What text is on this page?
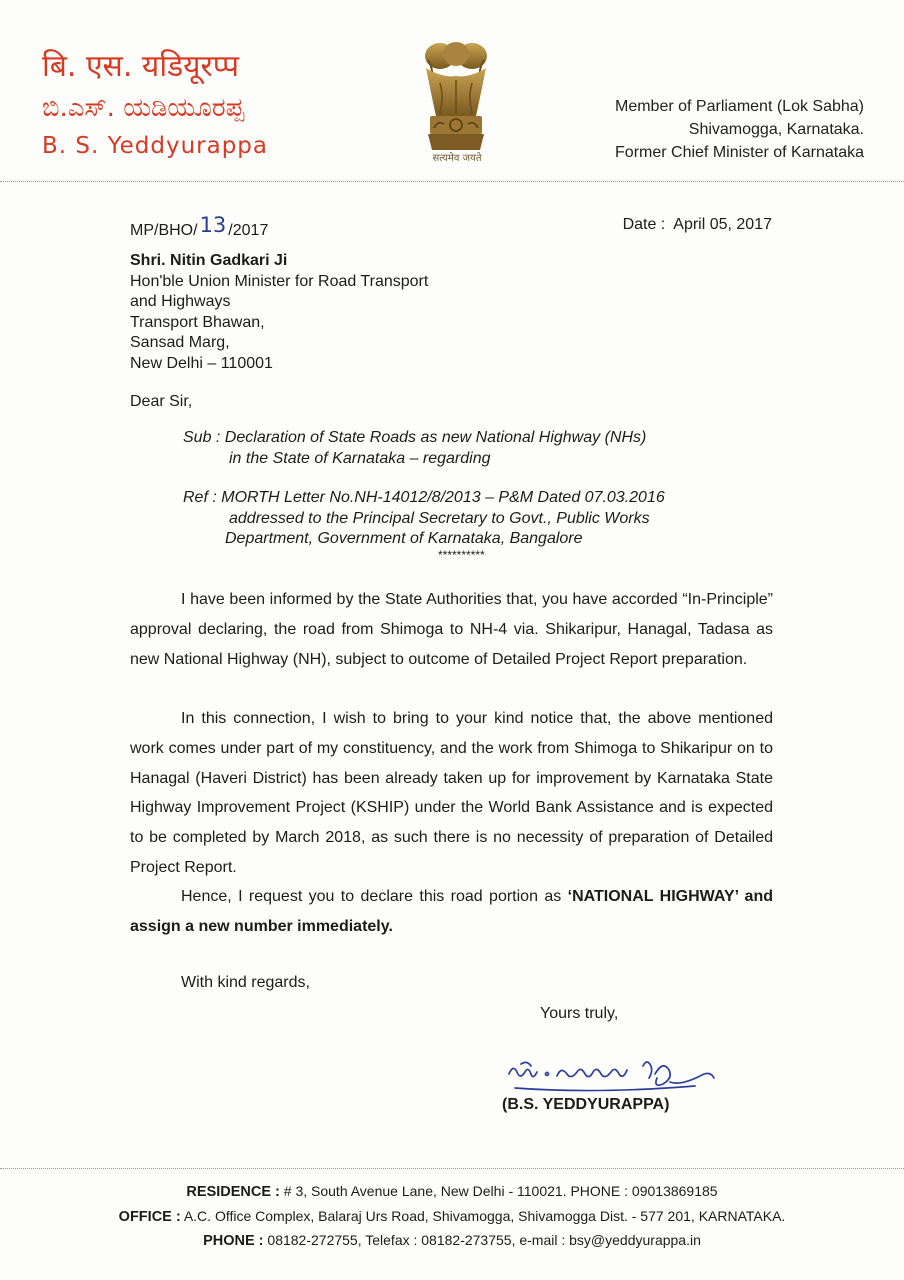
बि. एस. यडियूरप्प
ಬಿ.ಎಸ್. ಯಡಿಯೂರಪ್ಪ
B. S. Yeddyurappa	सत्यमेव जयते
Member of Parliament (Lok Sabha)
Shivamogga, Karnataka.
Former Chief Minister of Karnataka
MP/BHO/13 /2017	Date : April 05, 2017
Shri. Nitin Gadkari Ji
Hon'ble Union Minister for Road Transport
and Highways
Transport Bhawan,
Sansad Marg,
New Delhi – 110001
Dear Sir,
Sub : Declaration of State Roads as new National Highway (NHs)
in the State of Karnataka – regarding
Ref : MORTH Letter No.NH-14012/8/2013 – P&M Dated 07.03.2016
addressed to the Principal Secretary to Govt., Public Works
Department, Government of Karnataka, Bangalore
**********

I have been informed by the State Authorities that, you have accorded “In-Principle” approval declaring, the road from Shimoga to NH-4 via. Shikaripur, Hanagal, Tadasa as new National Highway (NH), subject to outcome of Detailed Project Report preparation.

In this connection, I wish to bring to your kind notice that, the above mentioned work comes under part of my constituency, and the work from Shimoga to Shikaripur on to Hanagal (Haveri District) has been already taken up for improvement by Karnataka State Highway Improvement Project (KSHIP) under the World Bank Assistance and is expected to be completed by March 2018, as such there is no necessity of preparation of Detailed Project Report.

Hence, I request you to declare this road portion as ‘NATIONAL HIGHWAY’ and assign a new number immediately.

With kind regards,
Yours truly,
(B.S. YEDDYURAPPA)
RESIDENCE : # 3, South Avenue Lane, New Delhi - 110021. PHONE : 09013869185
OFFICE : A.C. Office Complex, Balaraj Urs Road, Shivamogga, Shivamogga Dist. - 577 201, KARNATAKA.
PHONE : 08182-272755, Telefax : 08182-273755, e-mail : bsy@yeddyurappa.in
